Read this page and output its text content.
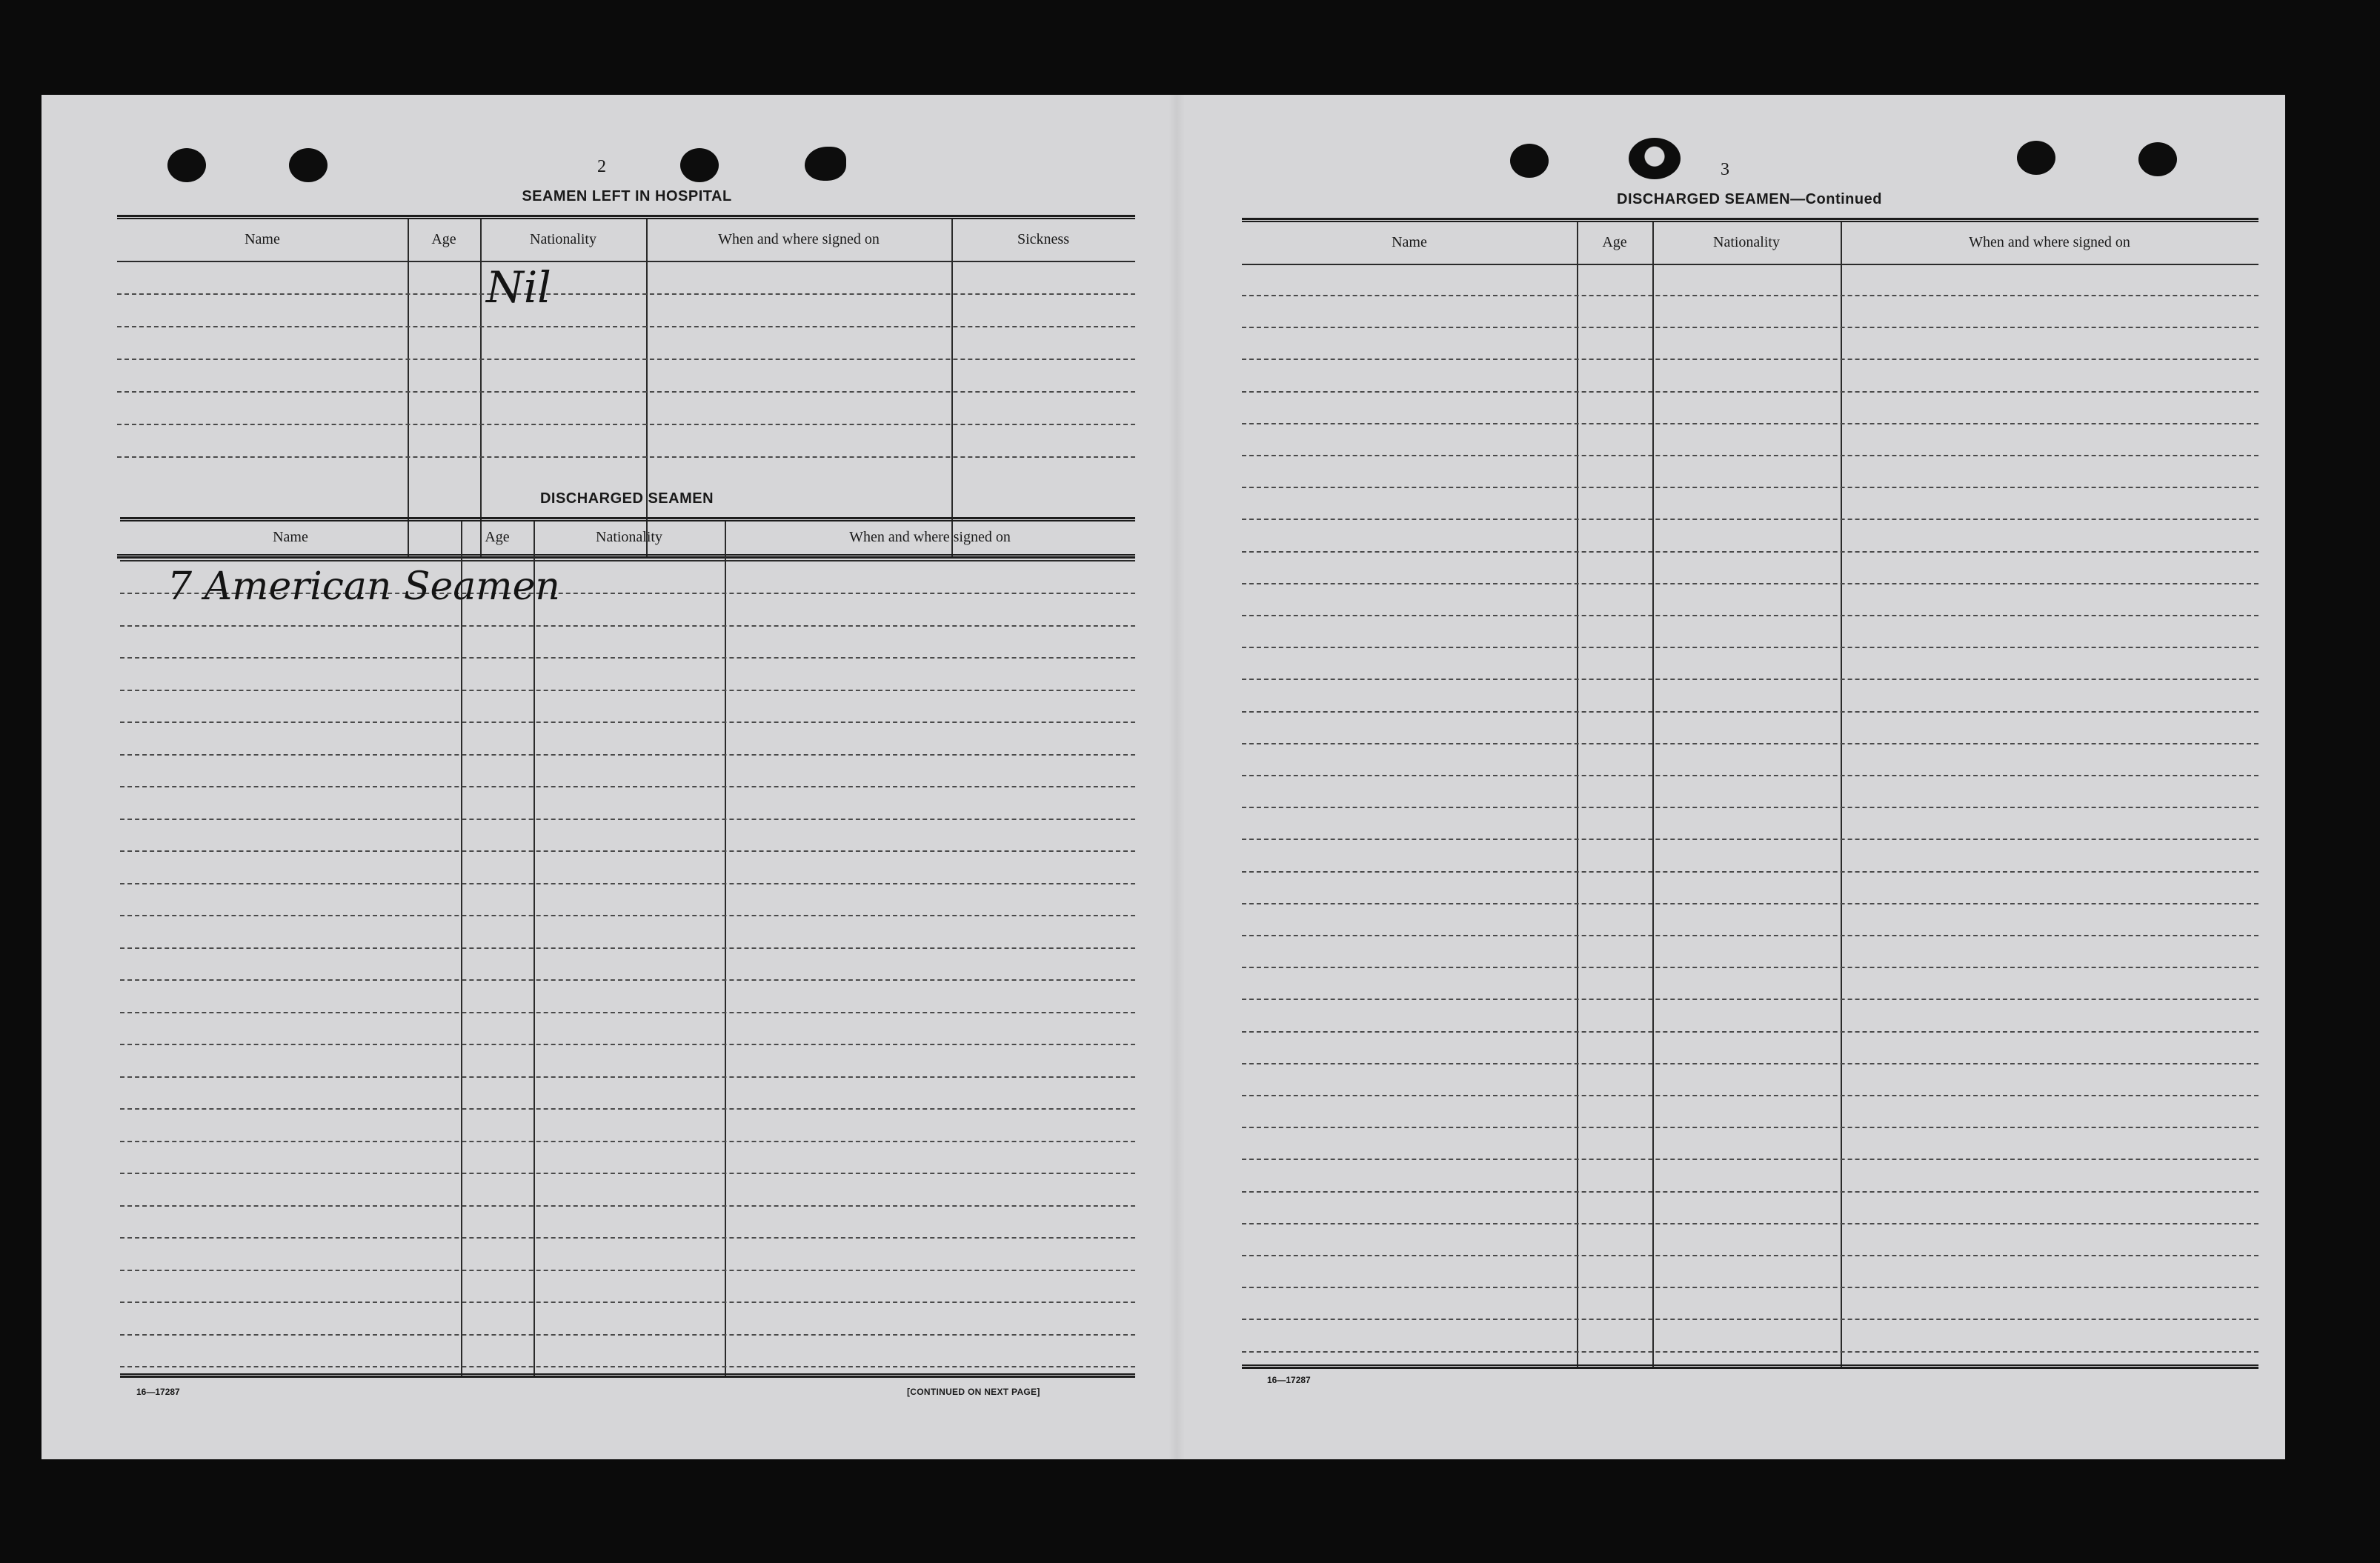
2
SEAMEN LEFT IN HOSPITAL
Name	Age	Nationality	When and where signed on	Sickness
Nil
DISCHARGED SEAMEN
Name	Age	Nationality	When and where signed on
7 American Seamen
16—17287	[CONTINUED ON NEXT PAGE]
3
DISCHARGED SEAMEN—Continued
Name	Age	Nationality	When and where signed on
16—17287
